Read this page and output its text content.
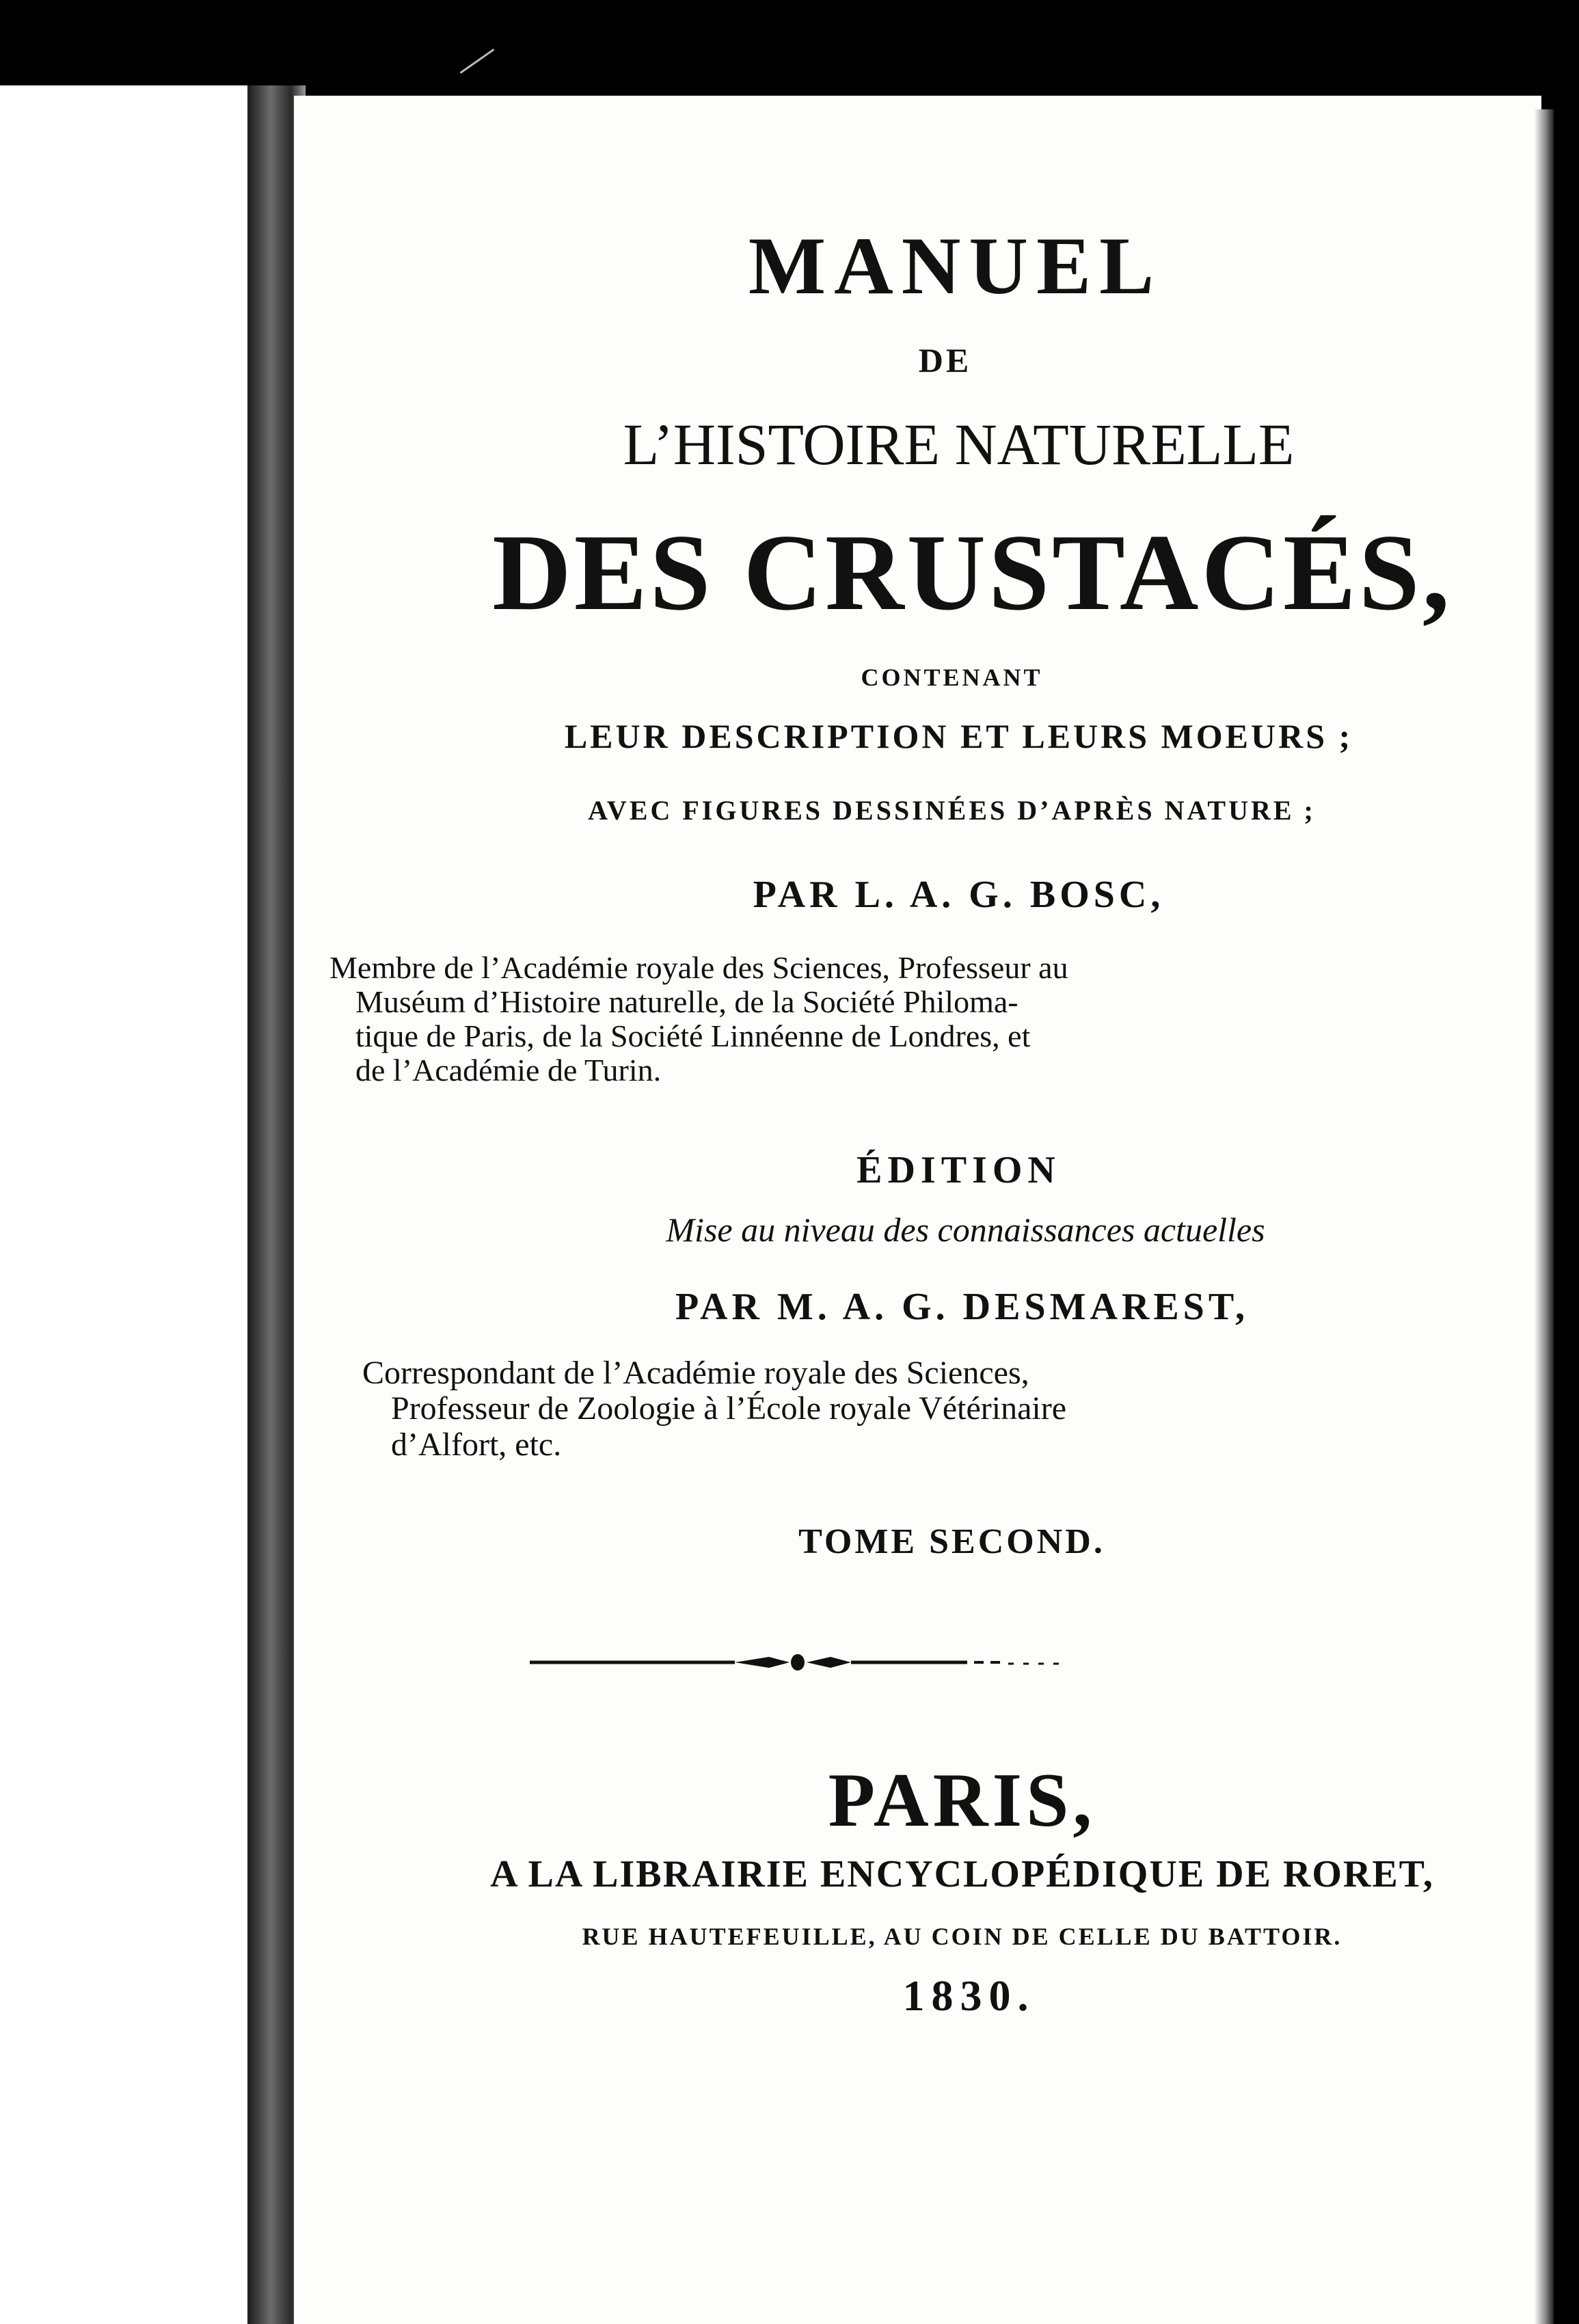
MANUEL
DE
L’HISTOIRE NATURELLE
DES CRUSTACÉS,
CONTENANT
LEUR DESCRIPTION ET LEURS MOEURS ;
AVEC FIGURES DESSINÉES D’APRÈS NATURE ;
PAR L. A. G. BOSC,
Membre de l’Académie royale des Sciences, Professeur au
Muséum d’Histoire naturelle, de la Société Philoma-
tique de Paris, de la Société Linnéenne de Londres, et
de l’Académie de Turin.
ÉDITION
Mise au niveau des connaissances actuelles
PAR M. A. G. DESMAREST,
Correspondant de l’Académie royale des Sciences,
Professeur de Zoologie à l’École royale Vétérinaire
d’Alfort, etc.
TOME SECOND.
PARIS,
A LA LIBRAIRIE ENCYCLOPÉDIQUE DE RORET,
RUE HAUTEFEUILLE, AU COIN DE CELLE DU BATTOIR.
1830.
